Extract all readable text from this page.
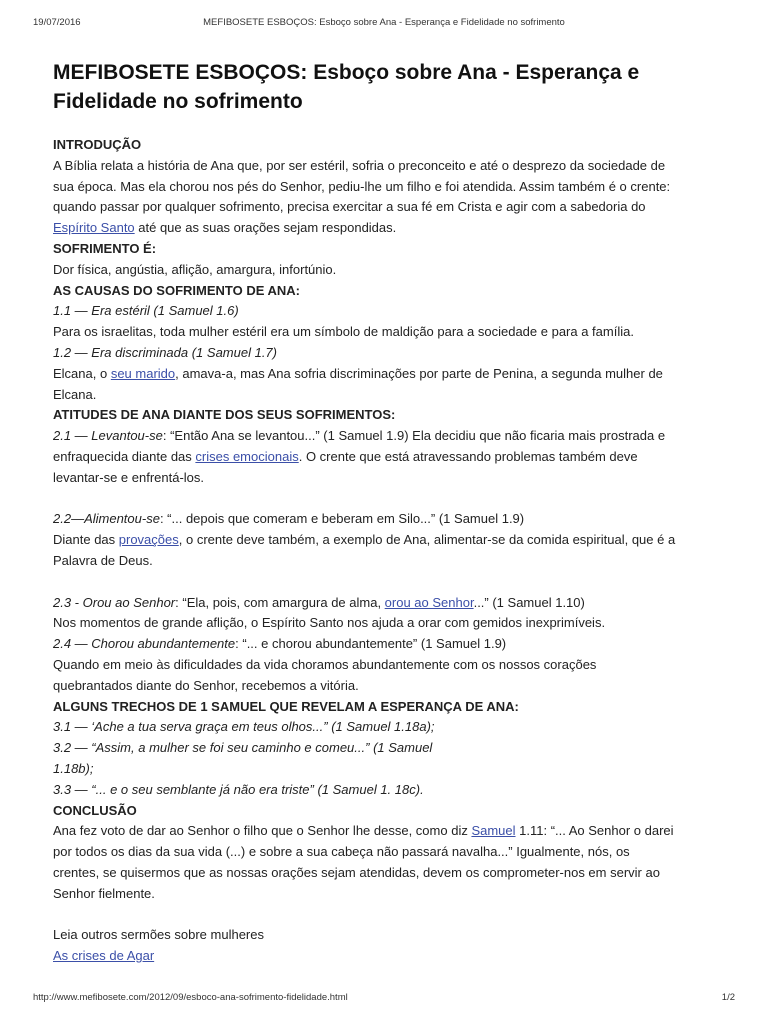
19/07/2016	MEFIBOSETE ESBOÇOS: Esboço sobre Ana - Esperança e Fidelidade no sofrimento
MEFIBOSETE ESBOÇOS: Esboço sobre Ana - Esperança e
Fidelidade no sofrimento
INTRODUÇÃO
A Bíblia relata a história de Ana que, por ser estéril, sofria o preconceito e até o desprezo da sociedade de
sua época. Mas ela chorou nos pés do Senhor, pediu-lhe um filho e foi atendida. Assim também é o crente:
quando passar por qualquer sofrimento, precisa exercitar a sua fé em Crista e agir com a sabedoria do
Espírito Santo até que as suas orações sejam respondidas.
SOFRIMENTO É:
Dor física, angústia, aflição, amargura, infortúnio.
AS CAUSAS DO SOFRIMENTO DE ANA:
1.1 — Era estéril (1 Samuel 1.6)
Para os israelitas, toda mulher estéril era um símbolo de maldição para a sociedade e para a família.
1.2 — Era discriminada (1 Samuel 1.7)
Elcana, o seu marido, amava-a, mas Ana sofria discriminações por parte de Penina, a segunda mulher de
Elcana.
ATITUDES DE ANA DIANTE DOS SEUS SOFRIMENTOS:
2.1 — Levantou-se: “Então Ana se levantou...” (1 Samuel 1.9) Ela decidiu que não ficaria mais prostrada e
enfraquecida diante das crises emocionais. O crente que está atravessando problemas também deve
levantar-se e enfrentá-los.
2.2—Alimentou-se: “... depois que comeram e beberam em Silo...” (1 Samuel 1.9)
Diante das provações, o crente deve também, a exemplo de Ana, alimentar-se da comida espiritual, que é a
Palavra de Deus.
2.3 - Orou ao Senhor: “Ela, pois, com amargura de alma, orou ao Senhor...” (1 Samuel 1.10)
Nos momentos de grande aflição, o Espírito Santo nos ajuda a orar com gemidos inexprimíveis.
2.4 — Chorou abundantemente: “... e chorou abundantemente” (1 Samuel 1.9)
Quando em meio às dificuldades da vida choramos abundantemente com os nossos corações
quebrantados diante do Senhor, recebemos a vitória.
ALGUNS TRECHOS DE 1 SAMUEL QUE REVELAM A ESPERANÇA DE ANA:
3.1 — ‘Ache a tua serva graça em teus olhos...” (1 Samuel 1.18a);
3.2 — “Assim, a mulher se foi seu caminho e comeu...” (1 Samuel
1.18b);
3.3 — “... e o seu semblante já não era triste” (1 Samuel 1. 18c).
CONCLUSÃO
Ana fez voto de dar ao Senhor o filho que o Senhor lhe desse, como diz Samuel 1.11: “... Ao Senhor o darei
por todos os dias da sua vida (...) e sobre a sua cabeça não passará navalha...” Igualmente, nós, os
crentes, se quisermos que as nossas orações sejam atendidas, devem os comprometer-nos em servir ao
Senhor fielmente.
Leia outros sermões sobre mulheres
As crises de Agar
http://www.mefibosete.com/2012/09/esboco-ana-sofrimento-fidelidade.html	1/2
